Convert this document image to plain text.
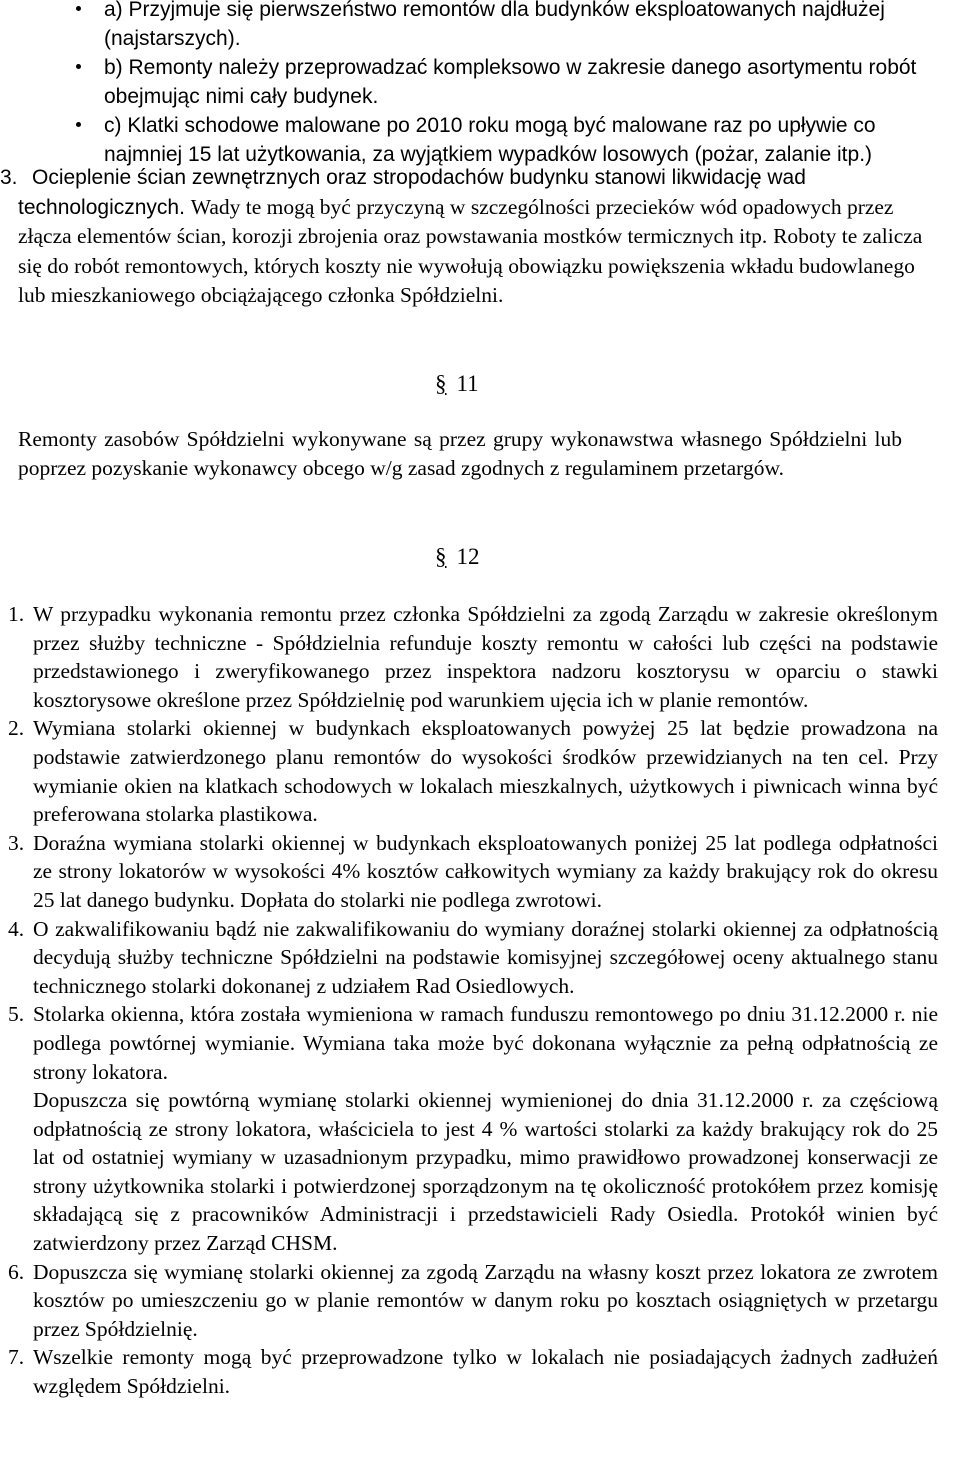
a) Przyjmuje się pierwszeństwo remontów dla budynków eksploatowanych najdłużej (najstarszych).
b) Remonty należy przeprowadzać kompleksowo w zakresie danego asortymentu robót obejmując nimi cały budynek.
c) Klatki schodowe malowane po 2010 roku mogą być malowane raz po upływie co najmniej 15 lat użytkowania, za wyjątkiem wypadków losowych (pożar, zalanie itp.)
3. Ocieplenie ścian zewnętrznych oraz stropodachów budynku stanowi likwidację wad
technologicznych. Wady te mogą być przyczyną w szczególności przecieków wód opadowych przez złącza elementów ścian, korozji zbrojenia oraz powstawania mostków termicznych itp. Roboty te zalicza się do robót remontowych, których koszty nie wywołują obowiązku powiększenia wkładu budowlanego lub mieszkaniowego obciążającego członka Spółdzielni.
§ 11
Remonty zasobów Spółdzielni wykonywane są przez grupy wykonawstwa własnego Spółdzielni lub poprzez pozyskanie wykonawcy obcego w/g zasad zgodnych z regulaminem przetargów.
§ 12
1. W przypadku wykonania remontu przez członka Spółdzielni za zgodą Zarządu w zakresie określonym przez służby techniczne - Spółdzielnia refunduje koszty remontu w całości lub części na podstawie przedstawionego i zweryfikowanego przez inspektora nadzoru kosztorysu w oparciu o stawki kosztorysowe określone przez Spółdzielnię pod warunkiem ujęcia ich w planie remontów.

2. Wymiana stolarki okiennej w budynkach eksploatowanych powyżej 25 lat będzie prowadzona na podstawie zatwierdzonego planu remontów do wysokości środków przewidzianych na ten cel. Przy wymianie okien na klatkach schodowych w lokalach mieszkalnych, użytkowych i piwnicach winna być preferowana stolarka plastikowa.

3. Doraźna wymiana stolarki okiennej w budynkach eksploatowanych poniżej 25 lat podlega odpłatności ze strony lokatorów w wysokości 4% kosztów całkowitych wymiany za każdy brakujący rok do okresu 25 lat danego budynku. Dopłata do stolarki nie podlega zwrotowi.

4. O zakwalifikowaniu bądź nie zakwalifikowaniu do wymiany doraźnej stolarki okiennej za odpłatnością decydują służby techniczne Spółdzielni na podstawie komisyjnej szczegółowej oceny aktualnego stanu technicznego stolarki dokonanej z udziałem Rad Osiedlowych.

5. Stolarka okienna, która została wymieniona w ramach funduszu remontowego po dniu 31.12.2000 r. nie podlega powtórnej wymianie. Wymiana taka może być dokonana wyłącznie za pełną odpłatnością ze strony lokatora.

Dopuszcza się powtórną wymianę stolarki okiennej wymienionej do dnia 31.12.2000 r. za częściową odpłatnością ze strony lokatora, właściciela to jest 4 % wartości stolarki za każdy brakujący rok do 25 lat od ostatniej wymiany w uzasadnionym przypadku, mimo prawidłowo prowadzonej konserwacji ze strony użytkownika stolarki i potwierdzonej sporządzonym na tę okoliczność protokółem przez komisję składającą się z pracowników Administracji i przedstawicieli Rady Osiedla. Protokół winien być zatwierdzony przez Zarząd CHSM.

6. Dopuszcza się wymianę stolarki okiennej za zgodą Zarządu na własny koszt przez lokatora ze zwrotem kosztów po umieszczeniu go w planie remontów w danym roku po kosztach osiągniętych w przetargu przez Spółdzielnię.

7. Wszelkie remonty mogą być przeprowadzone tylko w lokalach nie posiadających żadnych zadłużeń względem Spółdzielni.
